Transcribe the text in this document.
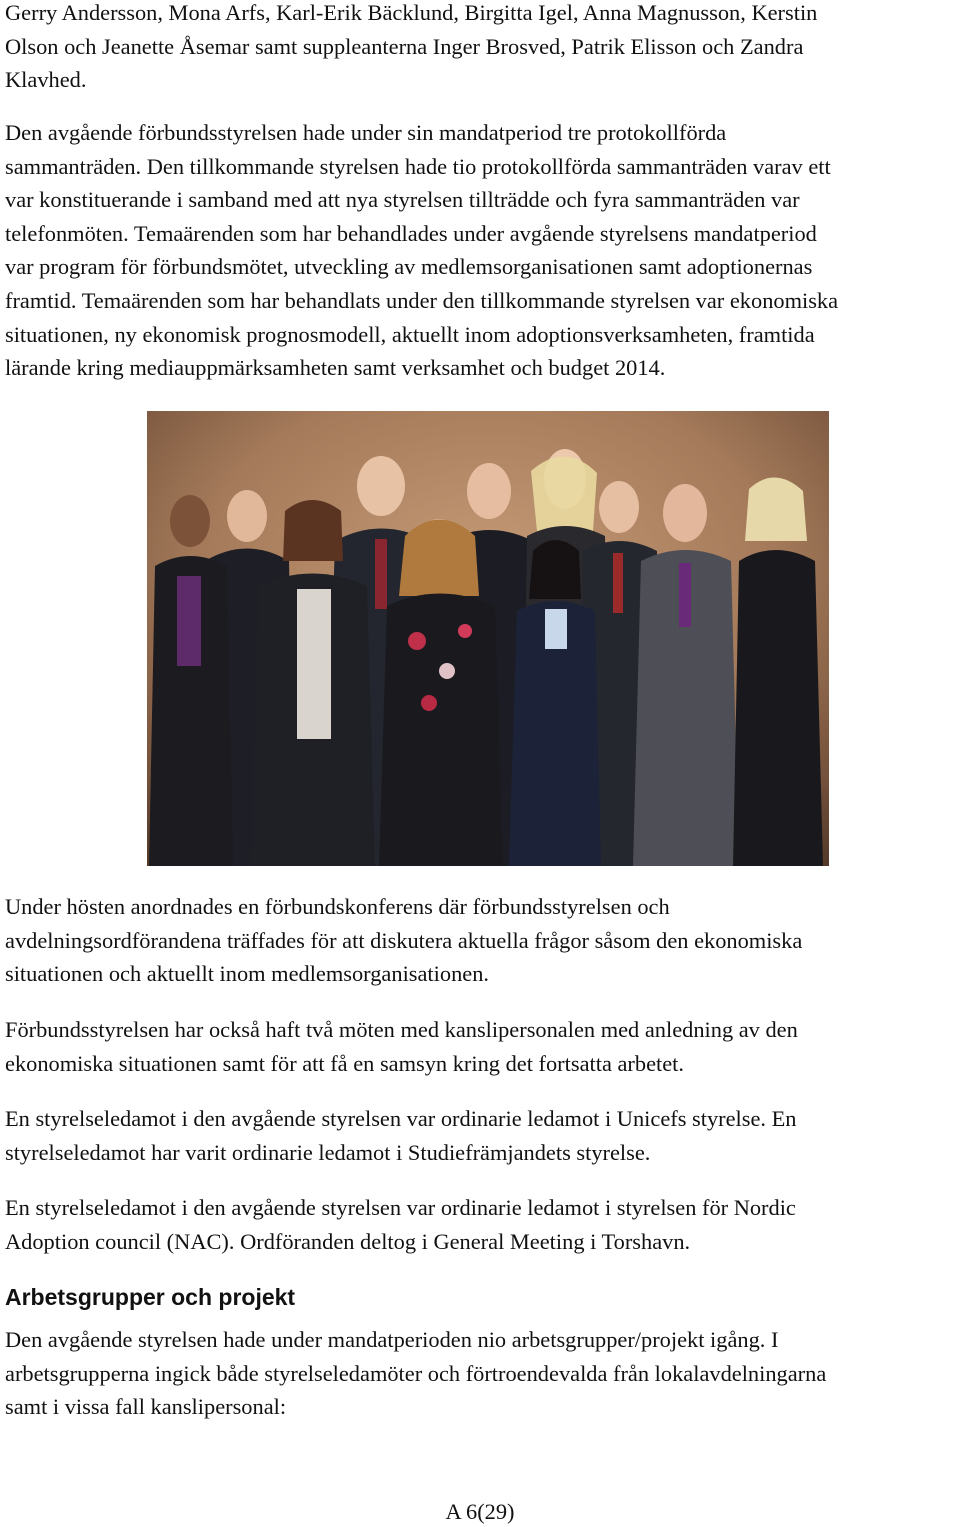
Gerry Andersson, Mona Arfs, Karl-Erik Bäcklund, Birgitta Igel, Anna Magnusson, Kerstin
Olson och Jeanette Åsemar samt suppleanterna Inger Brosved, Patrik Elisson och Zandra
Klavhed.
Den avgående förbundsstyrelsen hade under sin mandatperiod tre protokollförda
sammanträden. Den tillkommande styrelsen hade tio protokollförda sammanträden varav ett
var konstituerande i samband med att nya styrelsen tillträdde och fyra sammanträden var
telefonmöten. Temaärenden som har behandlades under avgående styrelsens mandatperiod
var program för förbundsmötet, utveckling av medlemsorganisationen samt adoptionernas
framtid. Temaärenden som har behandlats under den tillkommande styrelsen var ekonomiska
situationen, ny ekonomisk prognosmodell, aktuellt inom adoptionsverksamheten, framtida
lärande kring mediauppmärksamheten samt verksamhet och budget 2014.
Under hösten anordnades en förbundskonferens där förbundsstyrelsen och
avdelningsordförandena träffades för att diskutera aktuella frågor såsom den ekonomiska
situationen och aktuellt inom medlemsorganisationen.
Förbundsstyrelsen har också haft två möten med kanslipersonalen med anledning av den
ekonomiska situationen samt för att få en samsyn kring det fortsatta arbetet.
En styrelseledamot i den avgående styrelsen var ordinarie ledamot i Unicefs styrelse. En
styrelseledamot har varit ordinarie ledamot i Studiefrämjandets styrelse.
En styrelseledamot i den avgående styrelsen var ordinarie ledamot i styrelsen för Nordic
Adoption council (NAC). Ordföranden deltog i General Meeting i Torshavn.
Arbetsgrupper och projekt
Den avgående styrelsen hade under mandatperioden nio arbetsgrupper/projekt igång. I
arbetsgrupperna ingick både styrelseledamöter och förtroendevalda från lokalavdelningarna
samt i vissa fall kanslipersonal:
A 6(29)
